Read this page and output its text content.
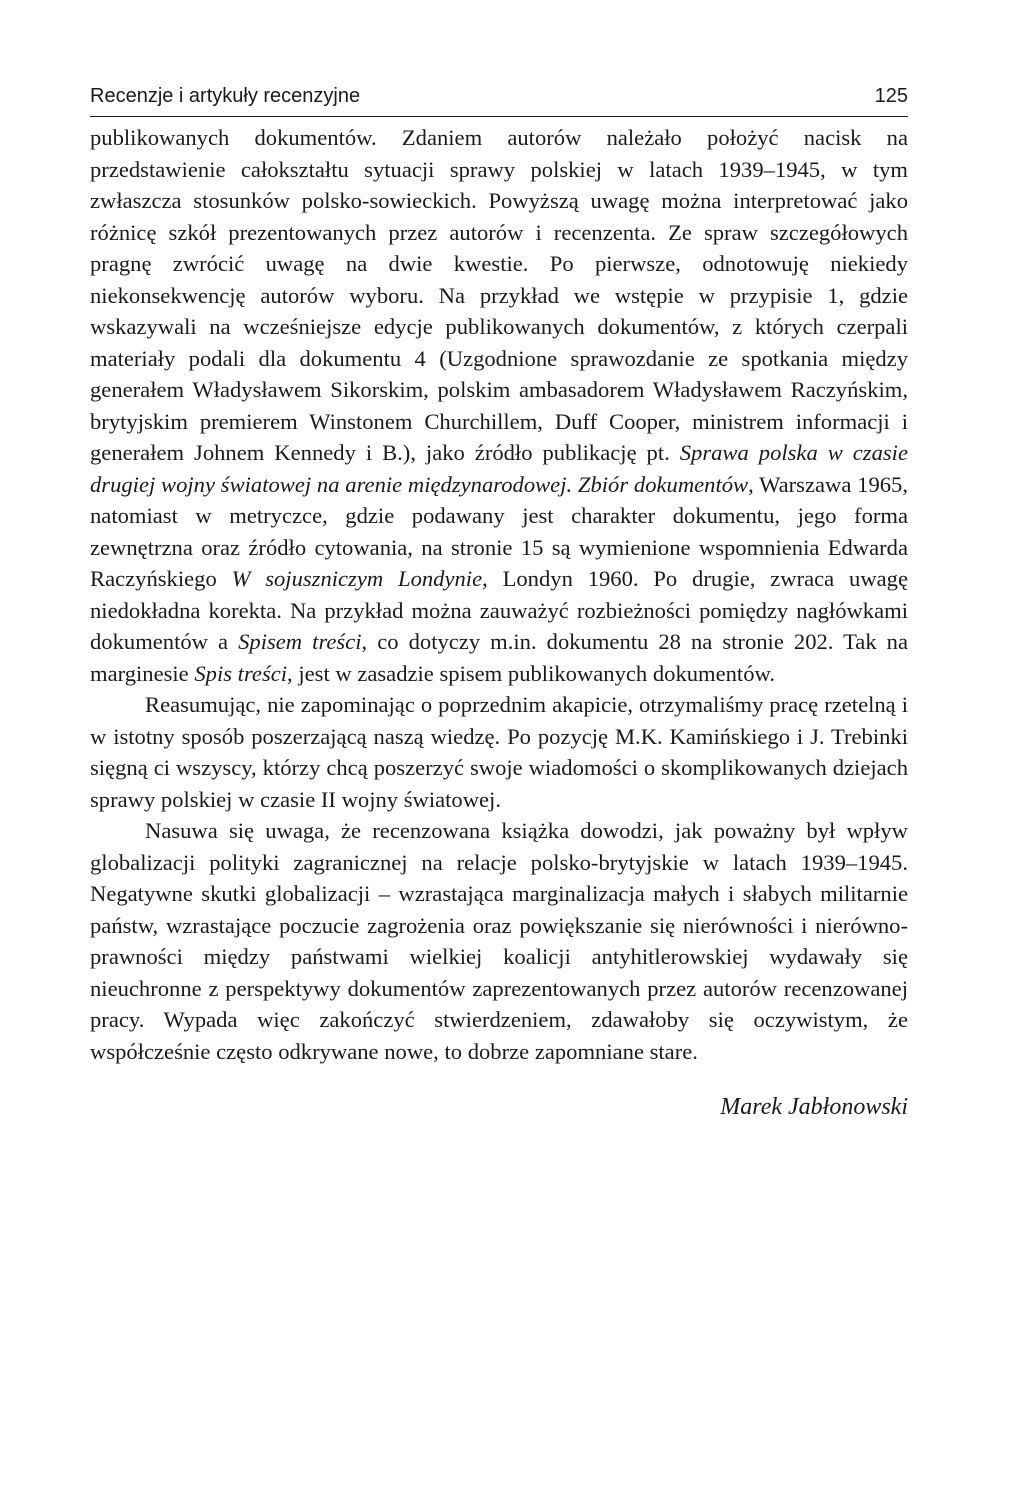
Recenzje i artykuły recenzyjne	125

publikowanych dokumentów. Zdaniem autorów należało położyć nacisk na przedstawienie całokształtu sytuacji sprawy polskiej w latach 1939–1945, w tym zwłaszcza stosunków polsko-sowieckich. Powyższą uwagę można interpretować jako różnicę szkół prezentowanych przez autorów i recenzenta. Ze spraw szczegółowych pragnę zwrócić uwagę na dwie kwestie. Po pierwsze, odnotowuję niekiedy niekonsekwencję autorów wyboru. Na przykład we wstępie w przypisie 1, gdzie wskazywali na wcześniejsze edycje publikowanych dokumentów, z których czerpali materiały podali dla dokumentu 4 (Uzgodnione sprawozdanie ze spotkania między generałem Władysławem Sikorskim, polskim ambasadorem Władysławem Raczyńskim, brytyjskim premierem Winstonem Churchillem, Duff Cooper, ministrem informacji i generałem Johnem Kennedy i B.), jako źródło publikację pt. Sprawa polska w czasie drugiej wojny światowej na arenie międzynarodowej. Zbiór dokumentów, Warszawa 1965, natomiast w metryczce, gdzie podawany jest charakter dokumentu, jego forma zewnętrzna oraz źródło cytowania, na stronie 15 są wymienione wspomnienia Edwarda Raczyńskiego W sojuszniczym Londynie, Londyn 1960. Po drugie, zwraca uwagę niedokładna korekta. Na przykład można zauważyć rozbieżności pomiędzy nagłówkami dokumentów a Spisem treści, co dotyczy m.in. dokumentu 28 na stronie 202. Tak na marginesie Spis treści, jest w zasadzie spisem publikowanych dokumentów.

Reasumując, nie zapominając o poprzednim akapicie, otrzymaliśmy pracę rzetelną i w istotny sposób poszerzającą naszą wiedzę. Po pozycję M.K. Kamińskiego i J. Trebinki sięgną ci wszyscy, którzy chcą poszerzyć swoje wiadomości o skomplikowanych dziejach sprawy polskiej w czasie II wojny światowej.

Nasuwa się uwaga, że recenzowana książka dowodzi, jak poważny był wpływ globalizacji polityki zagranicznej na relacje polsko-brytyjskie w latach 1939–1945. Negatywne skutki globalizacji – wzrastająca marginalizacja małych i słabych militarnie państw, wzrastające poczucie zagrożenia oraz powiększanie się nierówności i nierówno-prawności między państwami wielkiej koalicji antyhitlerowskiej wydawały się nieuchronne z perspektywy dokumentów zaprezentowanych przez autorów recenzowanej pracy. Wypada więc zakończyć stwierdzeniem, zdawałoby się oczywistym, że współcześnie często odkrywane nowe, to dobrze zapomniane stare.

Marek Jabłonowski
